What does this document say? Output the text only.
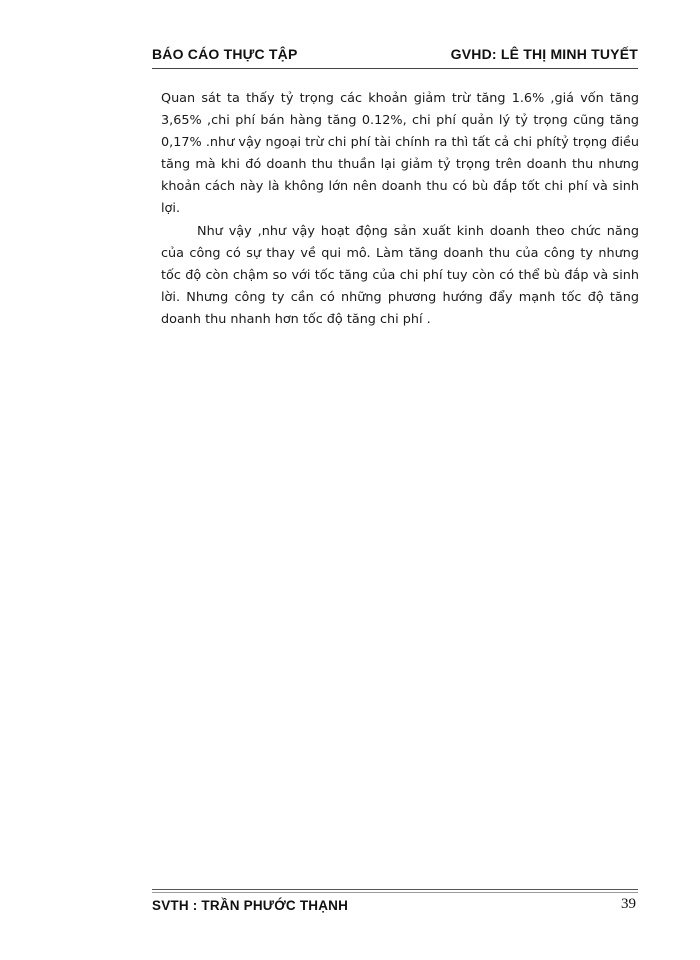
BÁO CÁO THỰC TẬP	GVHD: LÊ THỊ MINH TUYẾT

Quan sát ta thấy tỷ trọng các khoản giảm trừ tăng 1.6% ,giá vốn tăng 3,65% ,chi phí bán hàng tăng 0.12%, chi phí quản lý tỷ trọng cũng tăng 0,17% .như vậy ngoại trừ chi phí tài chính ra thì tất cả chi phítỷ trọng điều tăng mà khi đó doanh thu thuần lại giảm tỷ trọng trên doanh thu nhưng khoản cách này là không lớn nên doanh thu có bù đắp tốt chi phí và sinh lợi.

Như vậy ,như vậy hoạt động sản xuất kinh doanh theo chức năng của công có sự thay về qui mô. Làm tăng doanh thu của công ty nhưng tốc độ còn chậm so với tốc tăng của chi phí tuy còn có thể bù đắp và sinh lời. Nhưng công ty cần có những phương hướng đẩy mạnh tốc độ tăng doanh thu nhanh hơn tốc độ tăng chi phí .

SVTH : TRẦN PHƯỚC THẠNH	39
